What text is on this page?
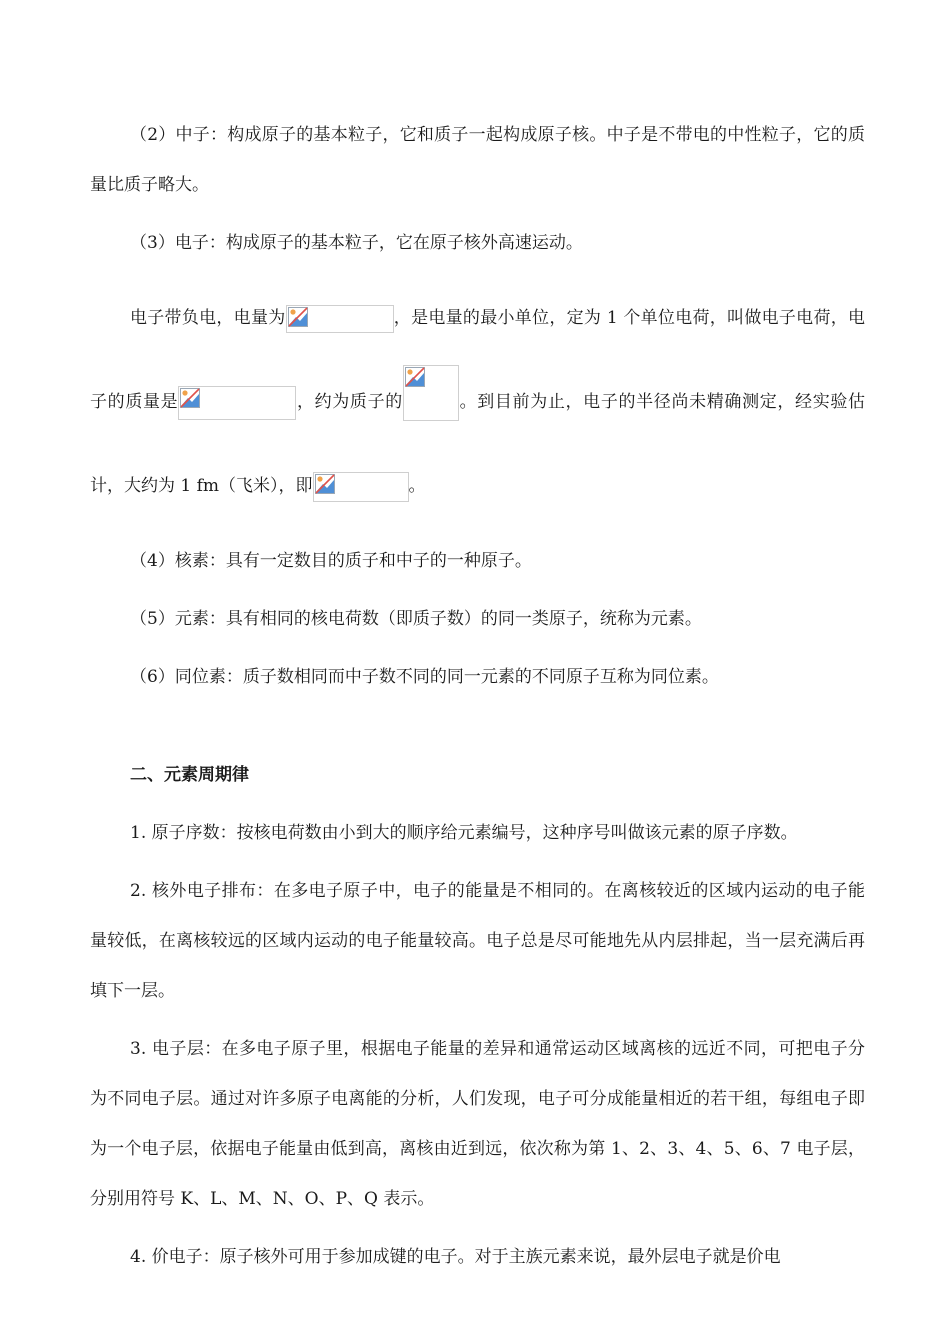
（2）中子：构成原子的基本粒子，它和质子一起构成原子核。中子是不带电的中性粒子，它的质量比质子略大。

（3）电子：构成原子的基本粒子，它在原子核外高速运动。

电子带负电，电量为	，是电量的最小单位，定为 1 个单位电荷，叫做电子电荷，电子的质量是	，约为质子的	。到目前为止，电子的半径尚未精确测定，经实验估计，大约为 1 fm（飞米），即	。

（4）核素：具有一定数目的质子和中子的一种原子。

（5）元素：具有相同的核电荷数（即质子数）的同一类原子，统称为元素。

（6）同位素：质子数相同而中子数不同的同一元素的不同原子互称为同位素。

二、元素周期律

1. 原子序数：按核电荷数由小到大的顺序给元素编号，这种序号叫做该元素的原子序数。

2. 核外电子排布：在多电子原子中，电子的能量是不相同的。在离核较近的区域内运动的电子能量较低，在离核较远的区域内运动的电子能量较高。电子总是尽可能地先从内层排起，当一层充满后再填下一层。

3. 电子层：在多电子原子里，根据电子能量的差异和通常运动区域离核的远近不同，可把电子分为不同电子层。通过对许多原子电离能的分析，人们发现，电子可分成能量相近的若干组，每组电子即为一个电子层，依据电子能量由低到高，离核由近到远，依次称为第 1、2、3、4、5、6、7 电子层，分别用符号 K、L、M、N、O、P、Q 表示。

4. 价电子：原子核外可用于参加成键的电子。对于主族元素来说，最外层电子就是价电
